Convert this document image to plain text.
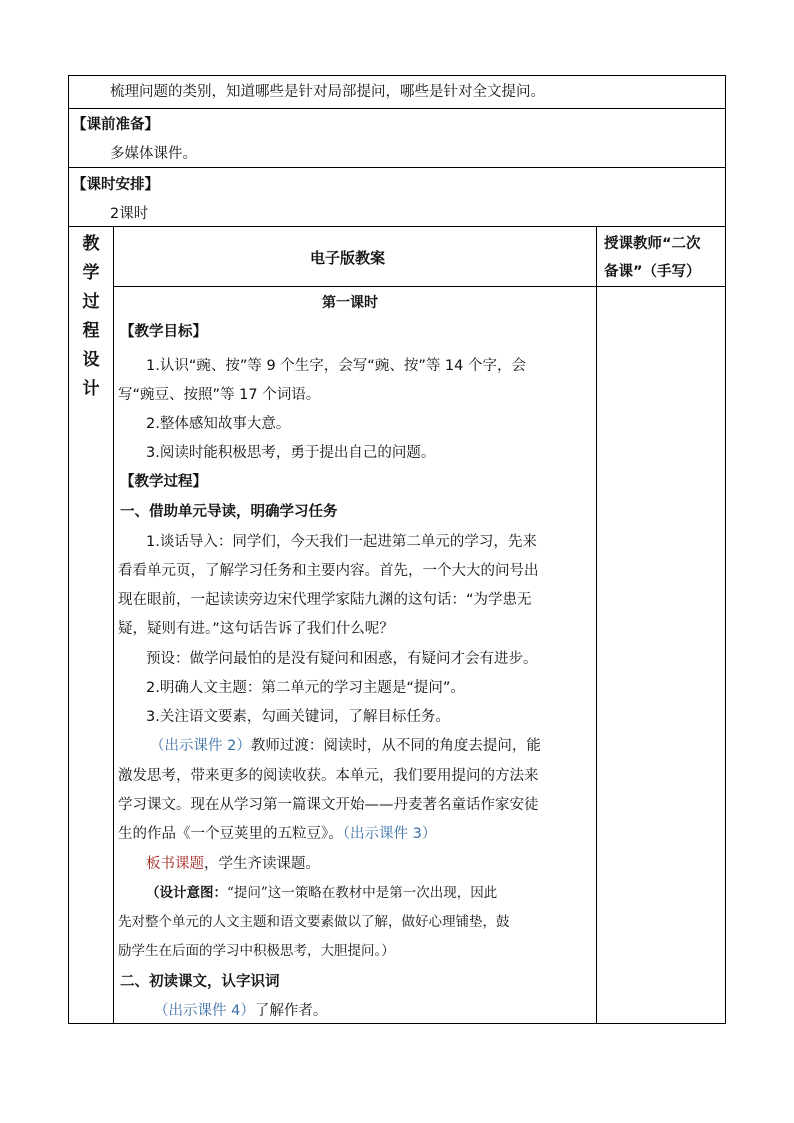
梳理问题的类别，知道哪些是针对局部提问，哪些是针对全文提问。
【课前准备】
多媒体课件。
【课时安排】
2课时
教
学
过
程
设
计
电子版教案
授课教师“二次
备课”（手写）
第一课时
【教学目标】
1.认识“豌、按”等 9 个生字，会写“豌、按”等 14 个字，会
写“豌豆、按照”等 17 个词语。
2.整体感知故事大意。
3.阅读时能积极思考，勇于提出自己的问题。
【教学过程】
一、借助单元导读，明确学习任务
1.谈话导入：同学们，今天我们一起进第二单元的学习，先来
看看单元页，了解学习任务和主要内容。首先，一个大大的问号出
现在眼前，一起读读旁边宋代理学家陆九渊的这句话：“为学患无
疑，疑则有进。”这句话告诉了我们什么呢？
预设：做学问最怕的是没有疑问和困惑，有疑问才会有进步。
2.明确人文主题：第二单元的学习主题是“提问”。
3.关注语文要素，勾画关键词，了解目标任务。
（出示课件 2）教师过渡：阅读时，从不同的角度去提问，能
激发思考，带来更多的阅读收获。本单元，我们要用提问的方法来
学习课文。现在从学习第一篇课文开始——丹麦著名童话作家安徒
生的作品《一个豆荚里的五粒豆》。（出示课件 3）
板书课题，学生齐读课题。
（设计意图：“提问”这一策略在教材中是第一次出现，因此
先对整个单元的人文主题和语文要素做以了解，做好心理铺垫，鼓
励学生在后面的学习中积极思考，大胆提问。）
二、初读课文，认字识词
（出示课件 4）了解作者。
